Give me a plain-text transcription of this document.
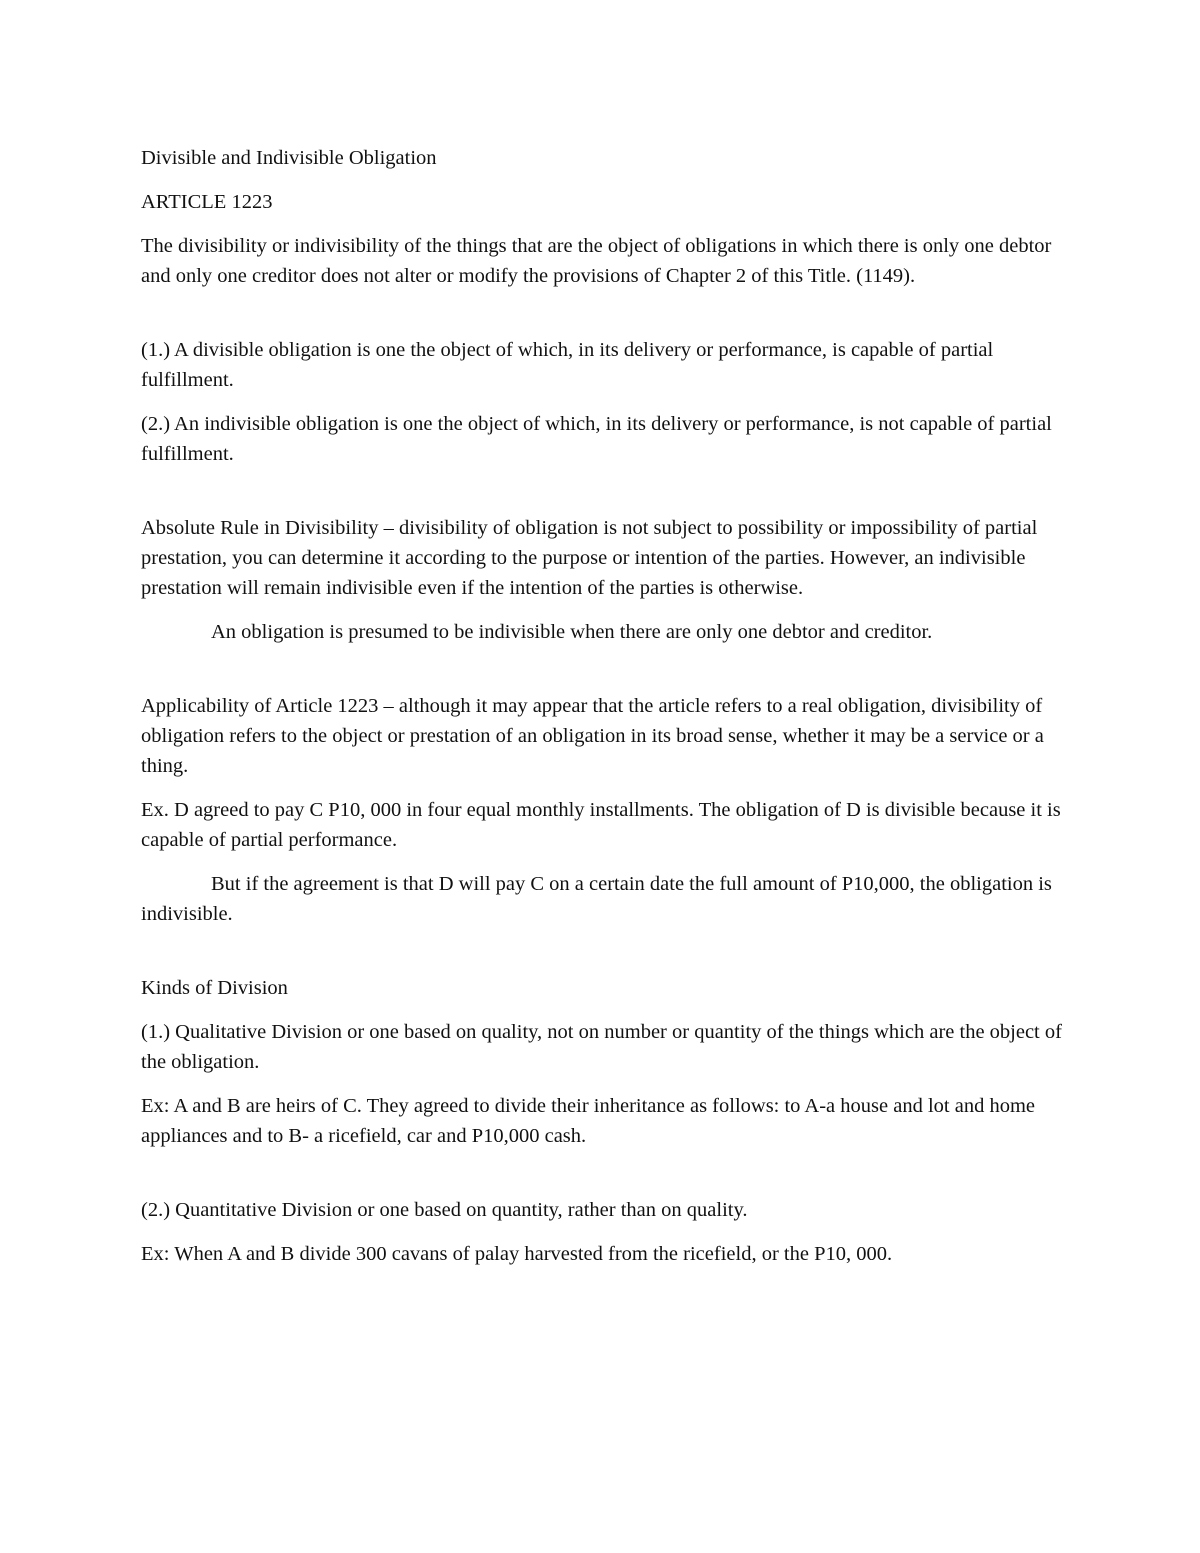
Divisible and Indivisible Obligation

ARTICLE 1223

The divisibility or indivisibility of the things that are the object of obligations in which there is only one debtor and only one creditor does not alter or modify the provisions of Chapter 2 of this Title. (1149).

(1.) A divisible obligation is one the object of which, in its delivery or performance, is capable of partial fulfillment.

(2.) An indivisible obligation is one the object of which, in its delivery or performance, is not capable of partial fulfillment.

Absolute Rule in Divisibility – divisibility of obligation is not subject to possibility or impossibility of partial prestation, you can determine it according to the purpose or intention of the parties. However, an indivisible prestation will remain indivisible even if the intention of the parties is otherwise.

An obligation is presumed to be indivisible when there are only one debtor and creditor.

Applicability of Article 1223 – although it may appear that the article refers to a real obligation, divisibility of obligation refers to the object or prestation of an obligation in its broad sense, whether it may be a service or a thing.

Ex. D agreed to pay C P10, 000 in four equal monthly installments. The obligation of D is divisible because it is capable of partial performance.

But if the agreement is that D will pay C on a certain date the full amount of P10,000, the obligation is indivisible.

Kinds of Division

(1.) Qualitative Division or one based on quality, not on number or quantity of the things which are the object of the obligation.

Ex: A and B are heirs of C. They agreed to divide their inheritance as follows: to A-a house and lot and home appliances and to B- a ricefield, car and P10,000 cash.

(2.) Quantitative Division or one based on quantity, rather than on quality.

Ex: When A and B divide 300 cavans of palay harvested from the ricefield, or the P10, 000.
